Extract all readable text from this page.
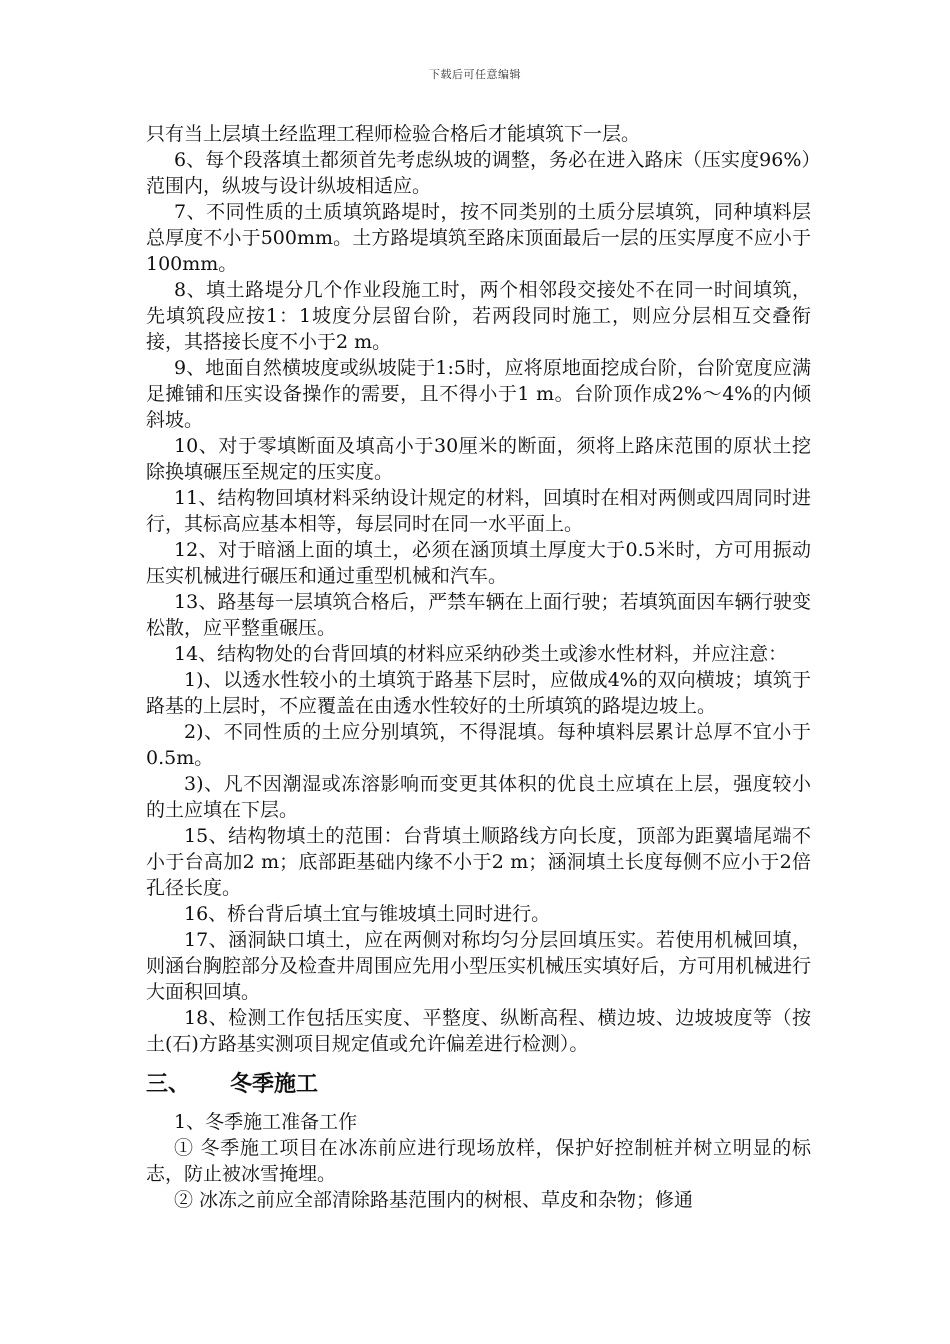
下载后可任意编辑

只有当上层填土经监理工程师检验合格后才能填筑下一层。

6、每个段落填土都须首先考虑纵坡的调整，务必在进入路床（压实度96%）范围内，纵坡与设计纵坡相适应。

7、不同性质的土质填筑路堤时，按不同类别的土质分层填筑，同种填料层总厚度不小于500mm。土方路堤填筑至路床顶面最后一层的压实厚度不应小于100mm。

8、填土路堤分几个作业段施工时，两个相邻段交接处不在同一时间填筑，先填筑段应按1：1坡度分层留台阶，若两段同时施工，则应分层相互交叠衔接，其搭接长度不小于2 m。

9、地面自然横坡度或纵坡陡于1:5时，应将原地面挖成台阶，台阶宽度应满足摊铺和压实设备操作的需要，且不得小于1 m。台阶顶作成2%～4%的内倾斜坡。

10、对于零填断面及填高小于30厘米的断面，须将上路床范围的原状土挖除换填碾压至规定的压实度。

11、结构物回填材料采纳设计规定的材料，回填时在相对两侧或四周同时进行，其标高应基本相等，每层同时在同一水平面上。

12、对于暗涵上面的填土，必须在涵顶填土厚度大于0.5米时，方可用振动压实机械进行碾压和通过重型机械和汽车。

13、路基每一层填筑合格后，严禁车辆在上面行驶；若填筑面因车辆行驶变松散，应平整重碾压。

14、结构物处的台背回填的材料应采纳砂类土或渗水性材料，并应注意：

1)、以透水性较小的土填筑于路基下层时，应做成4%的双向横坡；填筑于路基的上层时，不应覆盖在由透水性较好的土所填筑的路堤边坡上。

2)、不同性质的土应分别填筑，不得混填。每种填料层累计总厚不宜小于0.5m。

3)、凡不因潮湿或冻溶影响而变更其体积的优良土应填在上层，强度较小的土应填在下层。

15、结构物填土的范围：台背填土顺路线方向长度，顶部为距翼墙尾端不小于台高加2 m；底部距基础内缘不小于2 m；涵洞填土长度每侧不应小于2倍孔径长度。

16、桥台背后填土宜与锥坡填土同时进行。

17、涵洞缺口填土，应在两侧对称均匀分层回填压实。若使用机械回填，则涵台胸腔部分及检查井周围应先用小型压实机械压实填好后，方可用机械进行大面积回填。

18、检测工作包括压实度、平整度、纵断高程、横边坡、边坡坡度等（按土(石)方路基实测项目规定值或允许偏差进行检测）。

三、	冬季施工

1、冬季施工准备工作

① 冬季施工项目在冰冻前应进行现场放样，保护好控制桩并树立明显的标志，防止被冰雪掩埋。

② 冰冻之前应全部清除路基范围内的树根、草皮和杂物；修通
